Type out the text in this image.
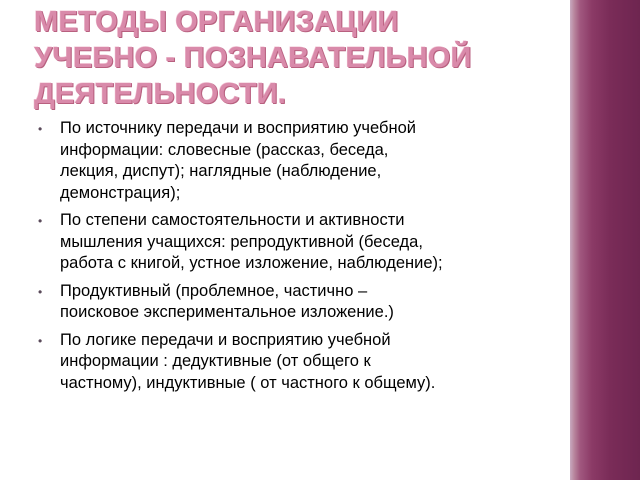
МЕТОДЫ ОРГАНИЗАЦИИ
УЧЕБНО - ПОЗНАВАТЕЛЬНОЙ
ДЕЯТЕЛЬНОСТИ.
• По источнику передачи и восприятию учебной
информации: словесные (рассказ, беседа,
лекция, диспут); наглядные (наблюдение,
демонстрация);
• По степени самостоятельности и активности
мышления учащихся: репродуктивной (беседа,
работа с книгой, устное изложение, наблюдение);
• Продуктивный (проблемное, частично –
поисковое экспериментальное изложение.)
• По логике передачи и восприятию учебной
информации : дедуктивные (от общего к
частному), индуктивные ( от частного к общему).
